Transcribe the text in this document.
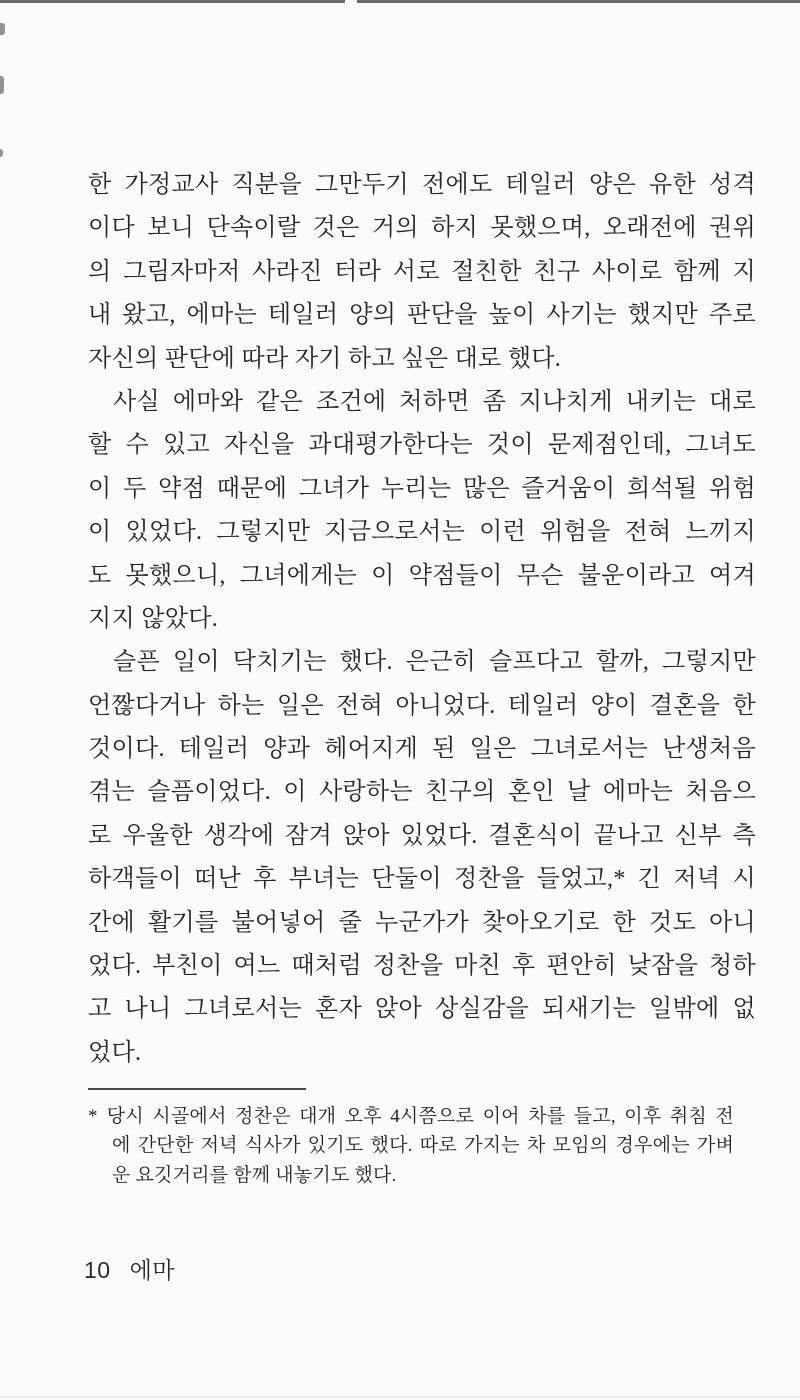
한 가정교사 직분을 그만두기 전에도 테일러 양은 유한 성격
이다 보니 단속이랄 것은 거의 하지 못했으며, 오래전에 권위
의 그림자마저 사라진 터라 서로 절친한 친구 사이로 함께 지
내 왔고, 에마는 테일러 양의 판단을 높이 사기는 했지만 주로
자신의 판단에 따라 자기 하고 싶은 대로 했다.
사실 에마와 같은 조건에 처하면 좀 지나치게 내키는 대로
할 수 있고 자신을 과대평가한다는 것이 문제점인데, 그녀도
이 두 약점 때문에 그녀가 누리는 많은 즐거움이 희석될 위험
이 있었다. 그렇지만 지금으로서는 이런 위험을 전혀 느끼지
도 못했으니, 그녀에게는 이 약점들이 무슨 불운이라고 여겨
지지 않았다.
슬픈 일이 닥치기는 했다. 은근히 슬프다고 할까, 그렇지만
언짢다거나 하는 일은 전혀 아니었다. 테일러 양이 결혼을 한
것이다. 테일러 양과 헤어지게 된 일은 그녀로서는 난생처음
겪는 슬픔이었다. 이 사랑하는 친구의 혼인 날 에마는 처음으
로 우울한 생각에 잠겨 앉아 있었다. 결혼식이 끝나고 신부 측
하객들이 떠난 후 부녀는 단둘이 정찬을 들었고,* 긴 저녁 시
간에 활기를 불어넣어 줄 누군가가 찾아오기로 한 것도 아니
었다. 부친이 여느 때처럼 정찬을 마친 후 편안히 낮잠을 청하
고 나니 그녀로서는 혼자 앉아 상실감을 되새기는 일밖에 없
었다.
* 당시 시골에서 정찬은 대개 오후 4시쯤으로 이어 차를 들고, 이후 취침 전
에 간단한 저녁 식사가 있기도 했다. 따로 가지는 차 모임의 경우에는 가벼
운 요깃거리를 함께 내놓기도 했다.
10 에마
